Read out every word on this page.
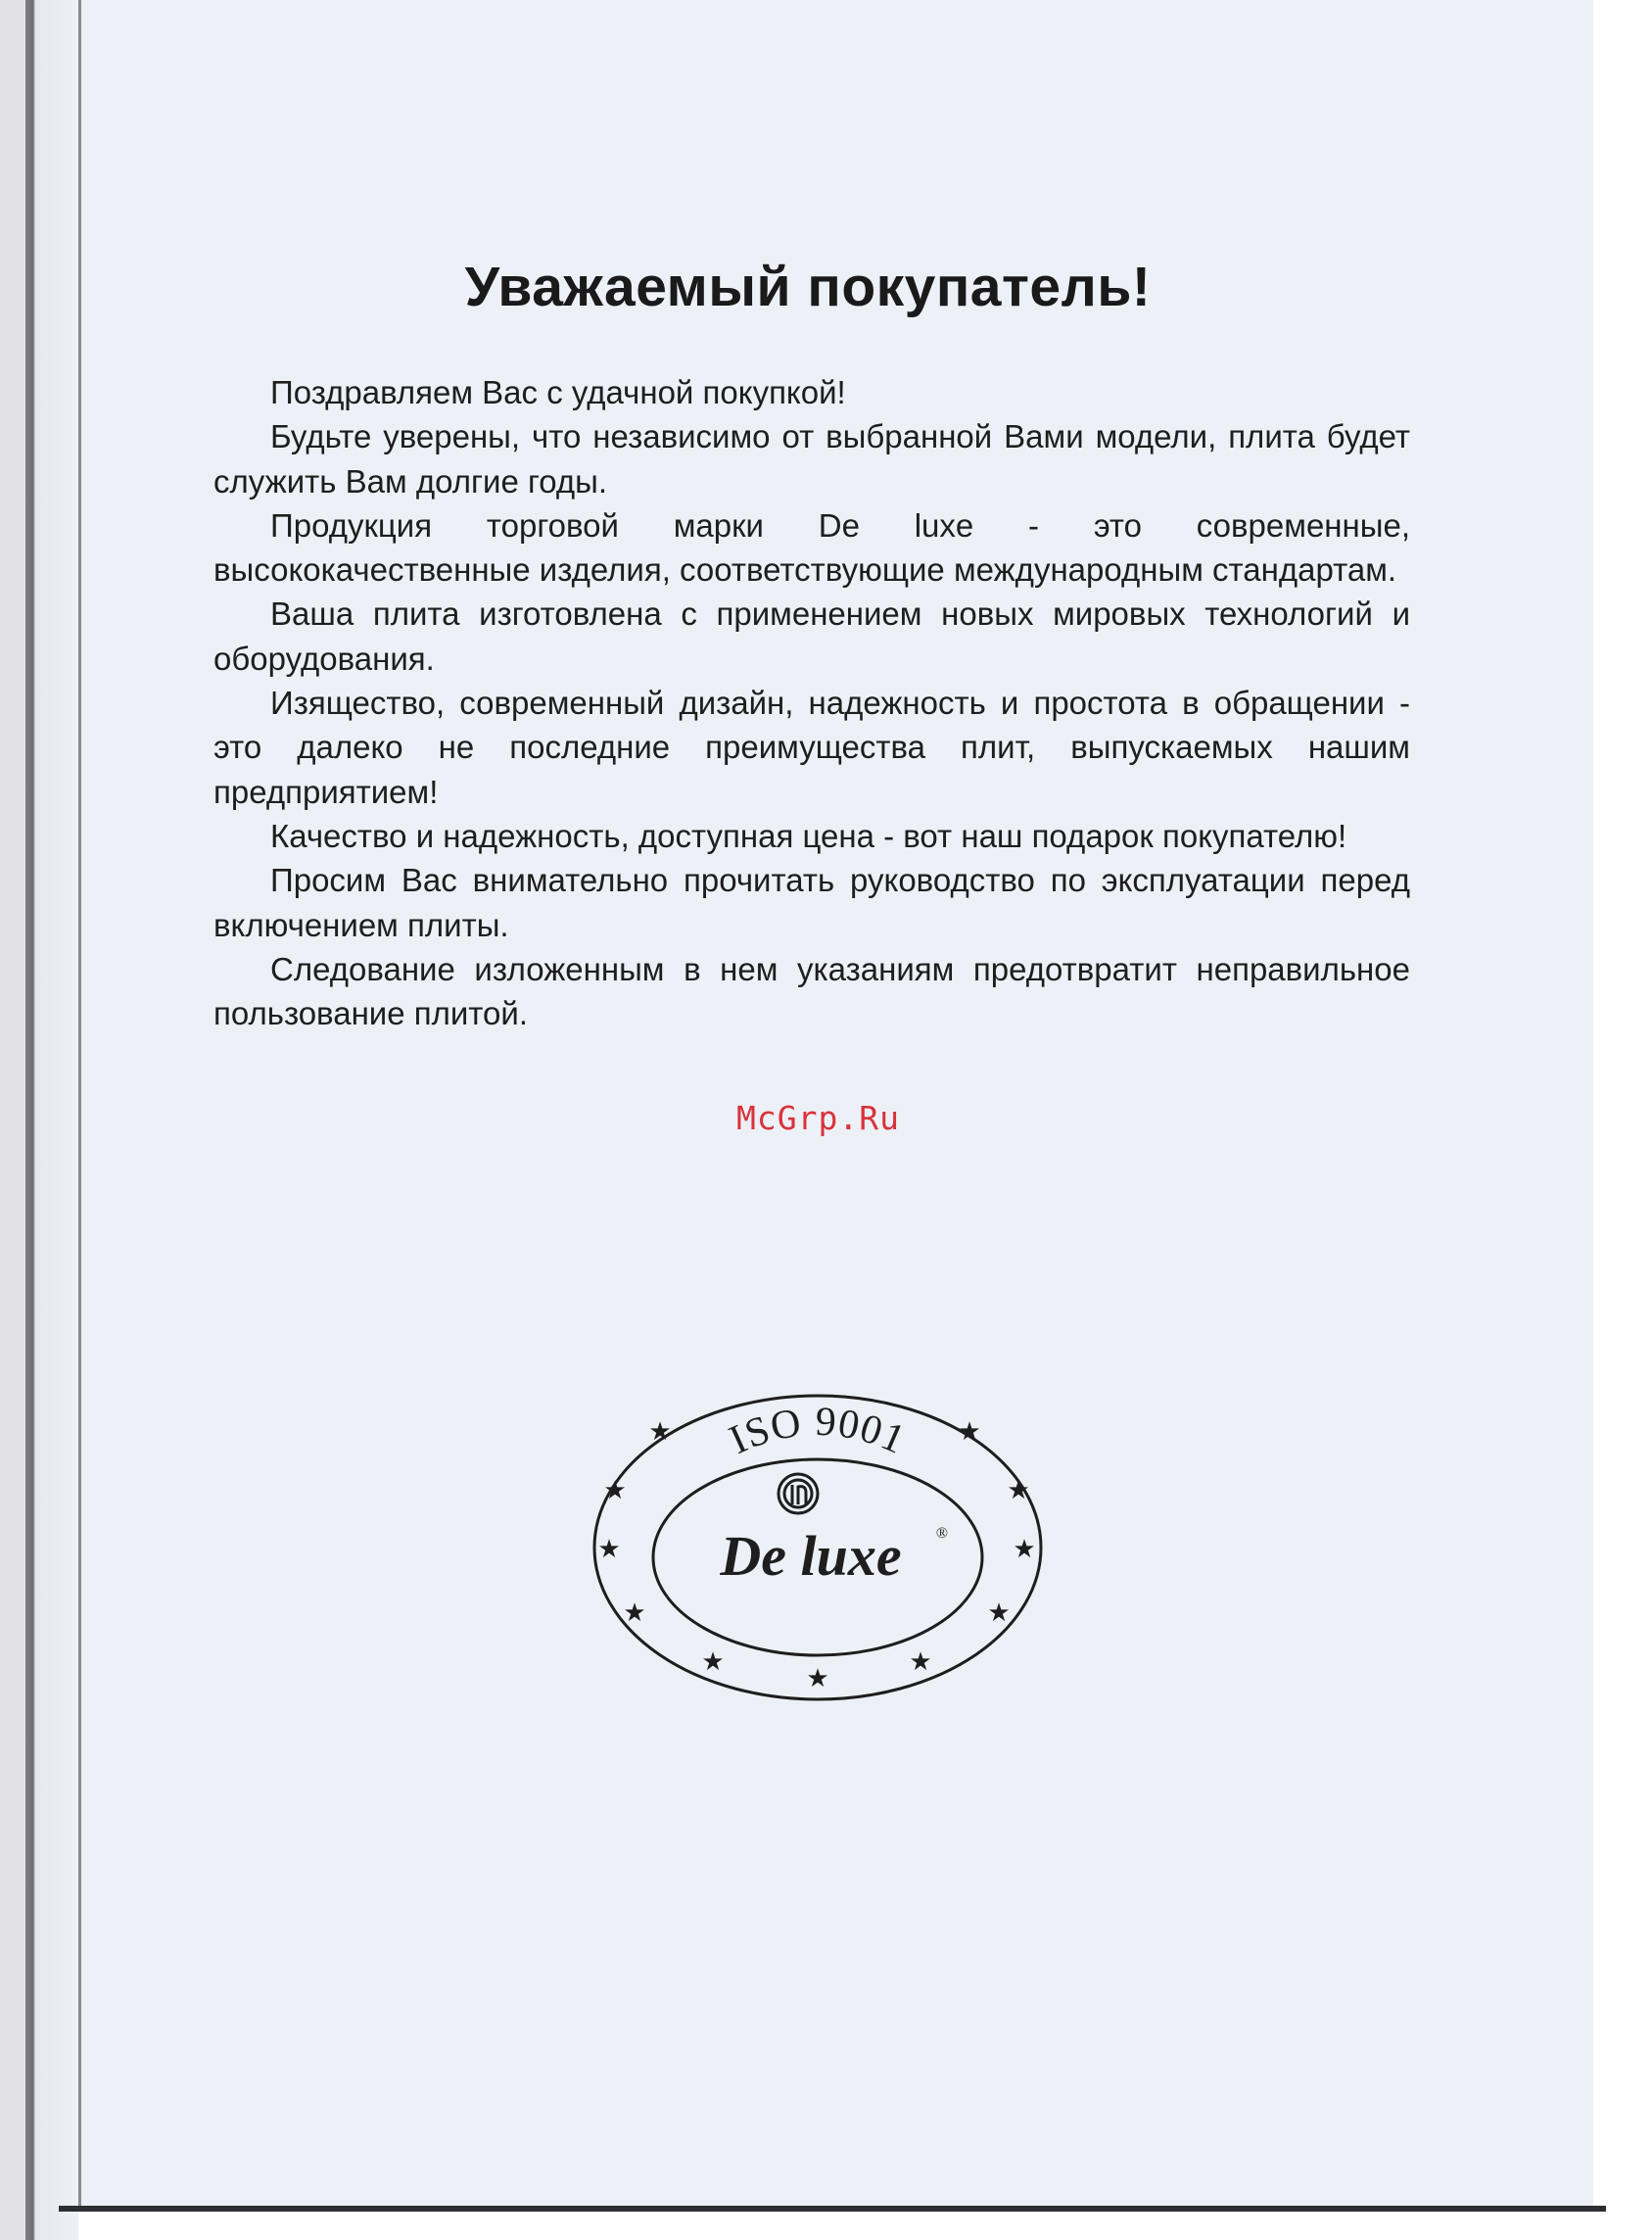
Уважаемый покупатель!

Поздравляем Вас с удачной покупкой!

Будьте уверены, что независимо от выбранной Вами модели, плита будет служить Вам долгие годы.

Продукция торговой марки De luxe - это современные, высококачественные изделия, соответствующие международным стандартам.

Ваша плита изготовлена с применением новых мировых технологий и оборудования.

Изящество, современный дизайн, надежность и простота в обращении - это далеко не последние преимущества плит, выпускаемых нашим предприятием!

Качество и надежность, доступная цена - вот наш подарок покупателю!

Просим Вас внимательно прочитать руководство по эксплуатации перед включением плиты.

Следование изложенным в нем указаниям предотвратит неправильное пользование плитой.

McGrp.Ru
ISO 9001
★	★
★	★
★	★
★	★
★	★
★
De luxe ®
